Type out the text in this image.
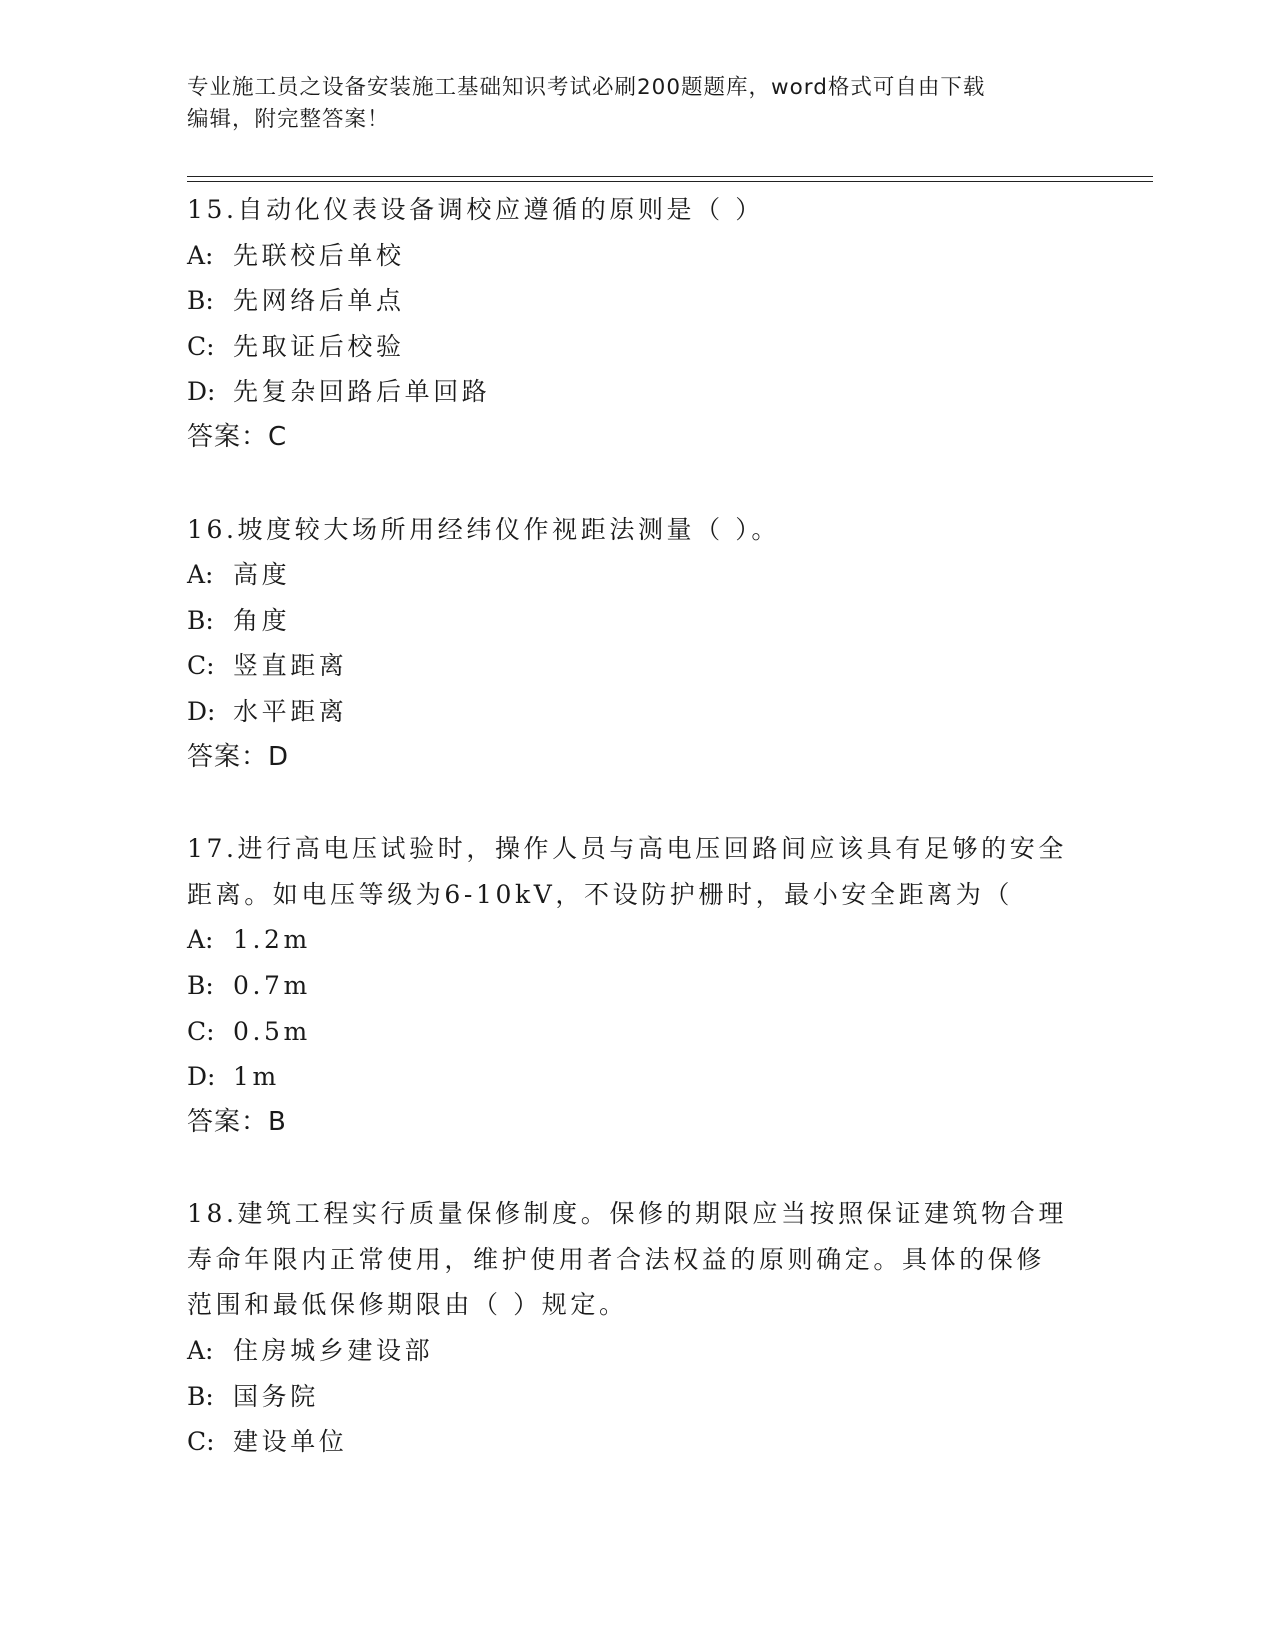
专业施工员之设备安装施工基础知识考试必刷200题题库，word格式可自由下载
编辑，附完整答案！
15.自动化仪表设备调校应遵循的原则是（ ）
A: 先联校后单校
B: 先网络后单点
C: 先取证后校验
D: 先复杂回路后单回路
答案：C
16.坡度较大场所用经纬仪作视距法测量（ ）。
A: 高度
B: 角度
C: 竖直距离
D: 水平距离
答案：D
17.进行高电压试验时，操作人员与高电压回路间应该具有足够的安全
距离。如电压等级为6-10kV，不设防护栅时，最小安全距离为（
A: 1.2m
B: 0.7m
C: 0.5m
D: 1m
答案：B
18.建筑工程实行质量保修制度。保修的期限应当按照保证建筑物合理
寿命年限内正常使用，维护使用者合法权益的原则确定。具体的保修
范围和最低保修期限由（ ）规定。
A: 住房城乡建设部
B: 国务院
C: 建设单位
